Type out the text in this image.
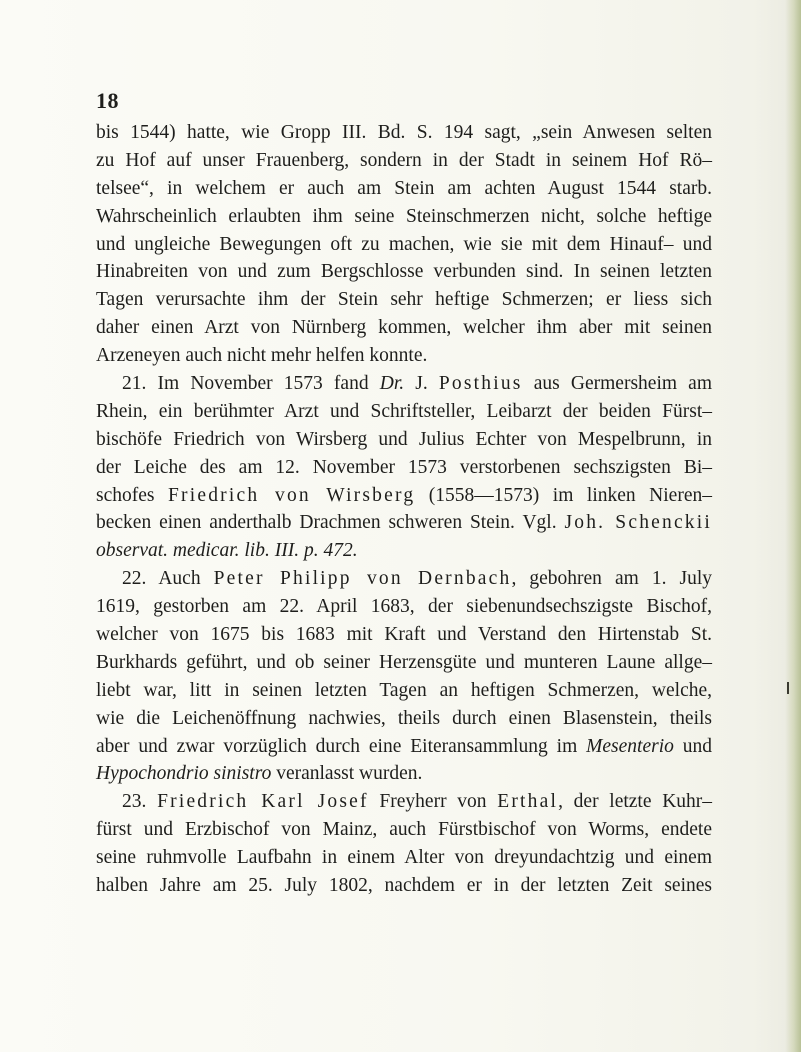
18
bis 1544) hatte, wie Gropp III. Bd. S. 194 sagt, „sein Anwesen selten
zu Hof auf unser Frauenberg, sondern in der Stadt in seinem Hof Rö–
telsee“, in welchem er auch am Stein am achten August 1544 starb.
Wahrscheinlich erlaubten ihm seine Steinschmerzen nicht, solche heftige
und ungleiche Bewegungen oft zu machen, wie sie mit dem Hinauf– und
Hinabreiten von und zum Bergschlosse verbunden sind. In seinen letzten
Tagen verursachte ihm der Stein sehr heftige Schmerzen; er liess sich
daher einen Arzt von Nürnberg kommen, welcher ihm aber mit seinen
Arzeneyen auch nicht mehr helfen konnte.
21. Im November 1573 fand Dr. J. Posthius aus Germersheim am
Rhein, ein berühmter Arzt und Schriftsteller, Leibarzt der beiden Fürst–
bischöfe Friedrich von Wirsberg und Julius Echter von Mespelbrunn, in
der Leiche des am 12. November 1573 verstorbenen sechszigsten Bi–
schofes Friedrich von Wirsberg (1558—1573) im linken Nieren–
becken einen anderthalb Drachmen schweren Stein. Vgl. Joh. Schenckii
observat. medicar. lib. III. p. 472.
22. Auch Peter Philipp von Dernbach, gebohren am 1. July
1619, gestorben am 22. April 1683, der siebenundsechszigste Bischof,
welcher von 1675 bis 1683 mit Kraft und Verstand den Hirtenstab St.
Burkhards geführt, und ob seiner Herzensgüte und munteren Laune allge–
liebt war, litt in seinen letzten Tagen an heftigen Schmerzen, welche,
wie die Leichenöffnung nachwies, theils durch einen Blasenstein, theils
aber und zwar vorzüglich durch eine Eiteransammlung im Mesenterio und
Hypochondrio sinistro veranlasst wurden.
23. Friedrich Karl Josef Freyherr von Erthal, der letzte Kuhr–
fürst und Erzbischof von Mainz, auch Fürstbischof von Worms, endete
seine ruhmvolle Laufbahn in einem Alter von dreyundachtzig und einem
halben Jahre am 25. July 1802, nachdem er in der letzten Zeit seines
